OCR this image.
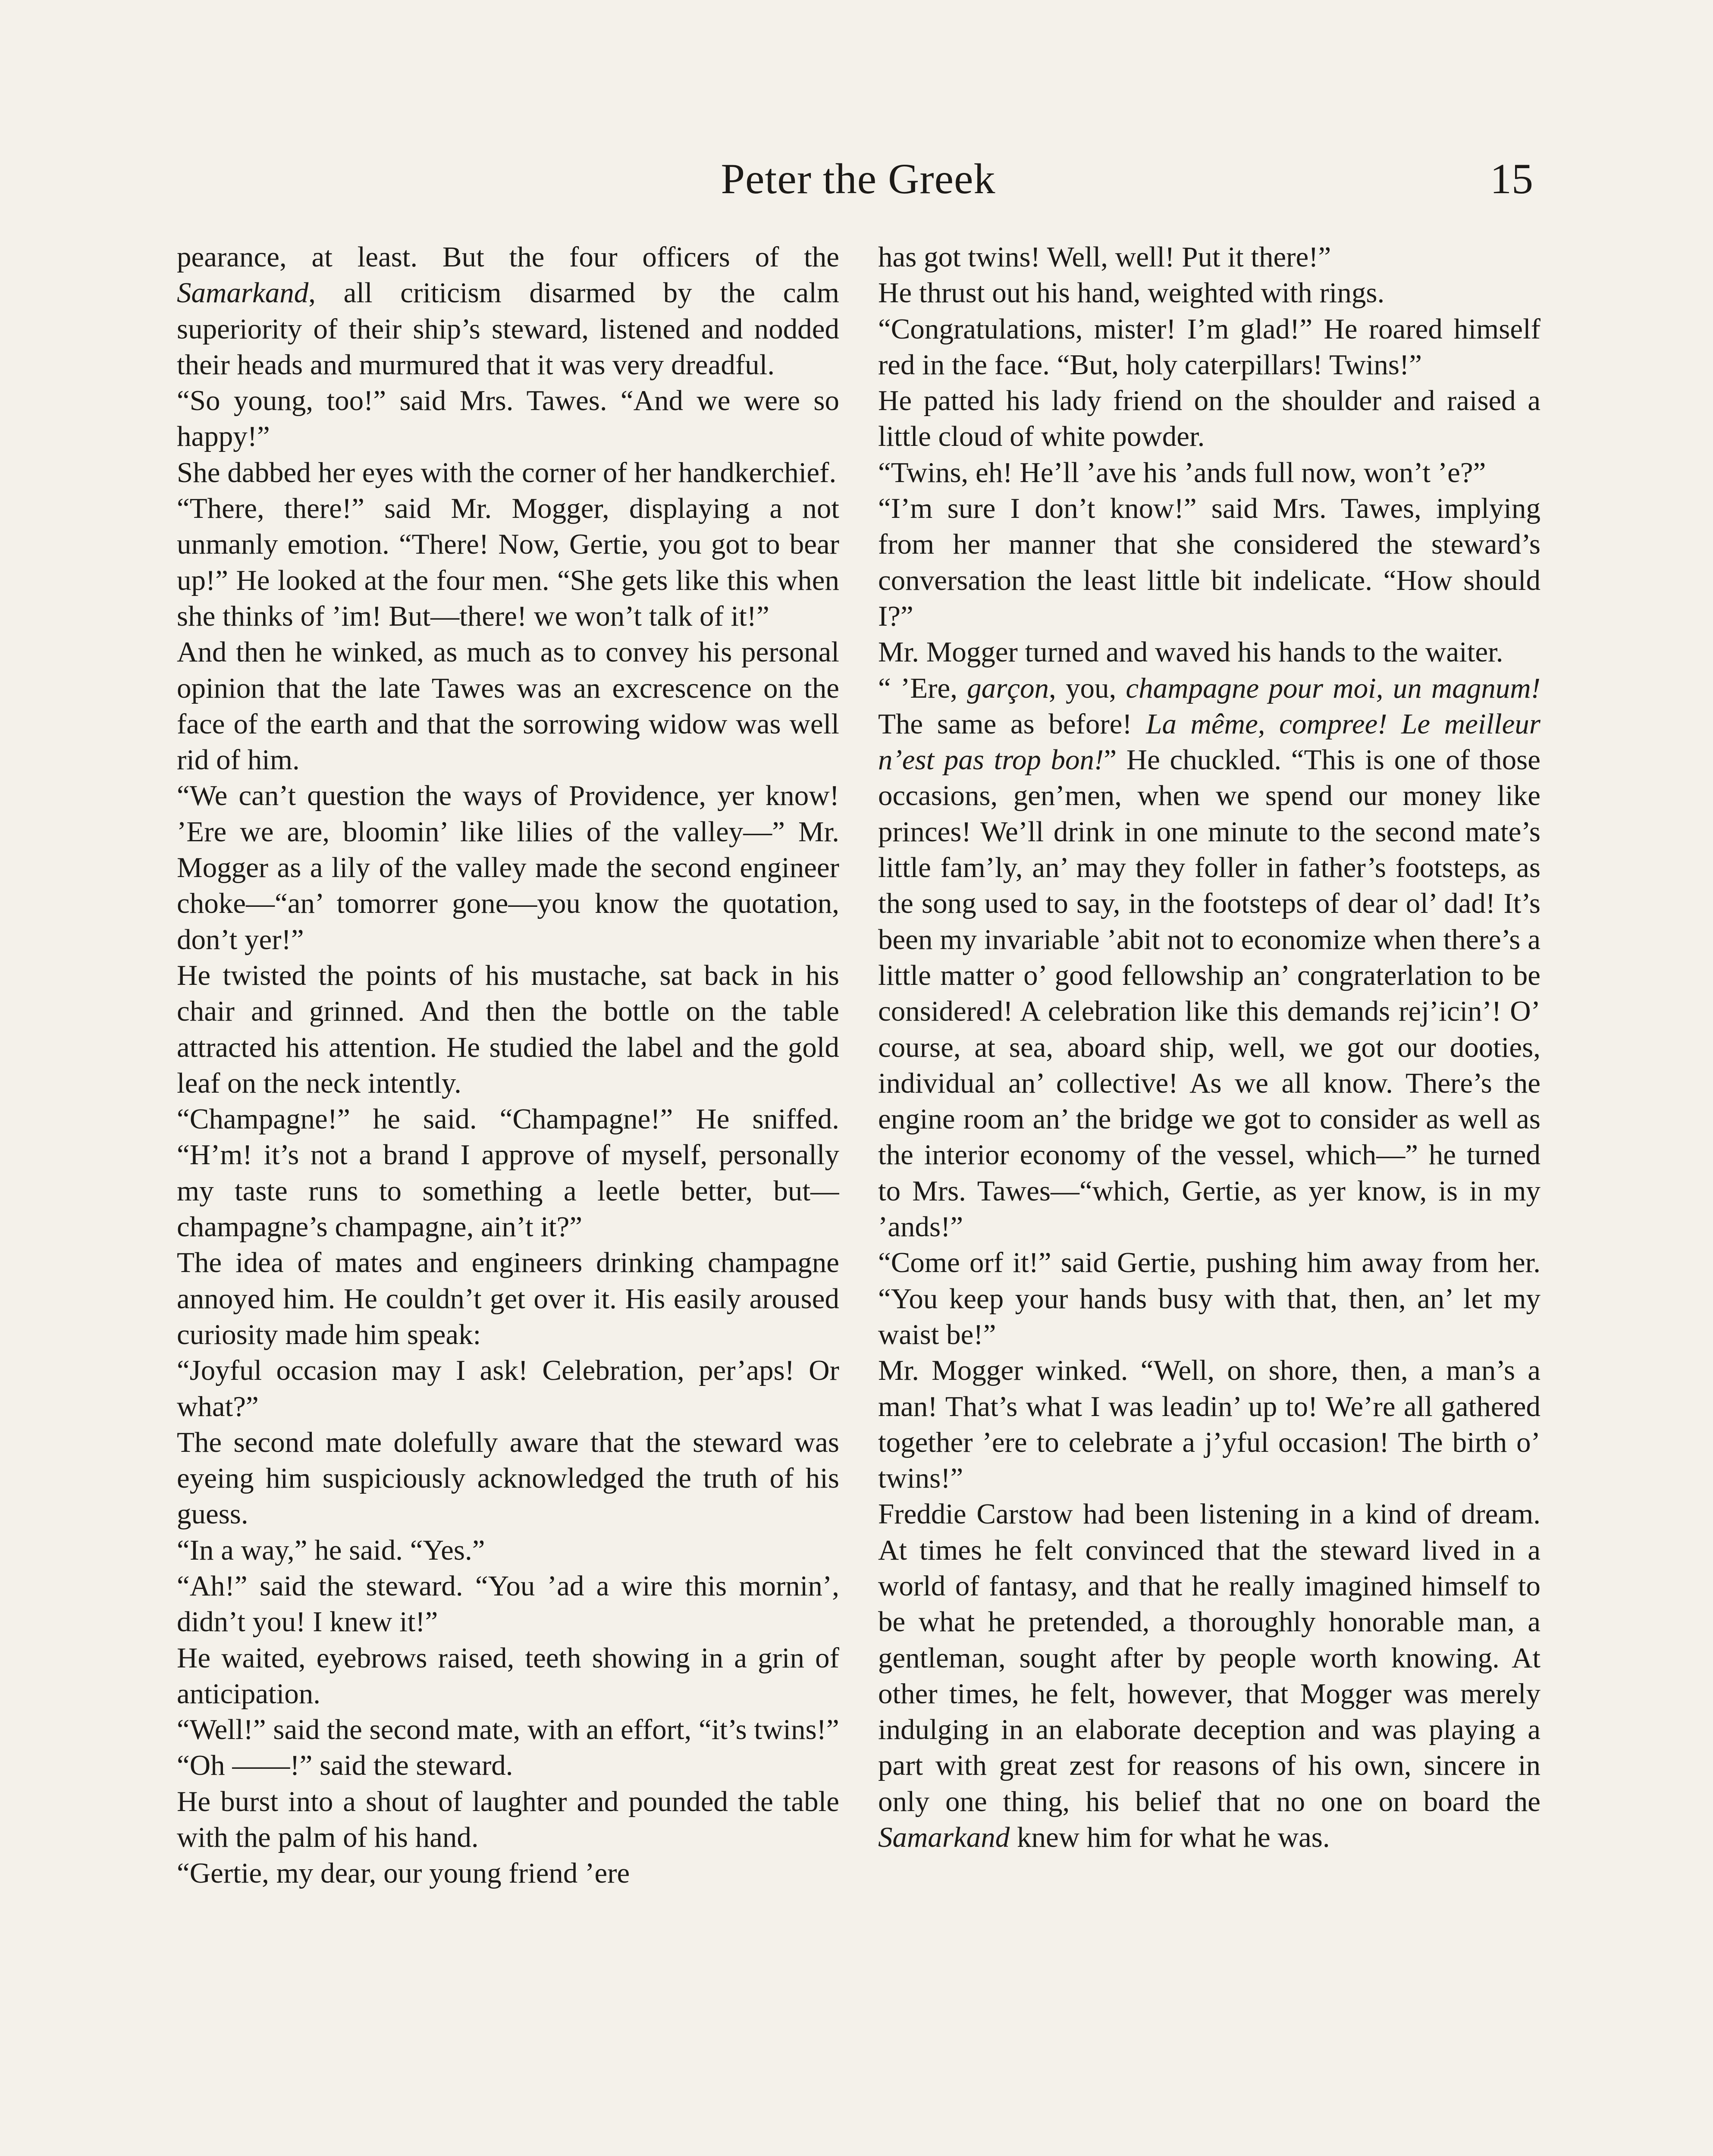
Peter the Greek	15

pearance, at least. But the four officers of the Samarkand, all criticism disarmed by the calm superiority of their ship’s steward, listened and nodded their heads and murmured that it was very dreadful.

“So young, too!” said Mrs. Tawes. “And we were so happy!”

She dabbed her eyes with the corner of her handkerchief.

“There, there!” said Mr. Mogger, displaying a not unmanly emotion. “There! Now, Gertie, you got to bear up!” He looked at the four men. “She gets like this when she thinks of ’im! But—there! we won’t talk of it!”

And then he winked, as much as to convey his personal opinion that the late Tawes was an excrescence on the face of the earth and that the sorrowing widow was well rid of him.

“We can’t question the ways of Providence, yer know! ’Ere we are, bloomin’ like lilies of the valley—” Mr. Mogger as a lily of the valley made the second engineer choke—“an’ tomorrer gone—you know the quotation, don’t yer!”

He twisted the points of his mustache, sat back in his chair and grinned. And then the bottle on the table attracted his attention. He studied the label and the gold leaf on the neck intently.

“Champagne!” he said. “Champagne!” He sniffed. “H’m! it’s not a brand I approve of myself, personally my taste runs to something a leetle better, but—champagne’s champagne, ain’t it?”

The idea of mates and engineers drinking champagne annoyed him. He couldn’t get over it. His easily aroused curiosity made him speak:

“Joyful occasion may I ask! Celebration, per’aps! Or what?”

The second mate dolefully aware that the steward was eyeing him suspiciously acknowledged the truth of his guess.

“In a way,” he said. “Yes.”

“Ah!” said the steward. “You ’ad a wire this mornin’, didn’t you! I knew it!”

He waited, eyebrows raised, teeth showing in a grin of anticipation.

“Well!” said the second mate, with an effort, “it’s twins!”

“Oh ——!” said the steward.

He burst into a shout of laughter and pounded the table with the palm of his hand.

“Gertie, my dear, our young friend ’ere

has got twins! Well, well! Put it there!”

He thrust out his hand, weighted with rings.

“Congratulations, mister! I’m glad!” He roared himself red in the face. “But, holy caterpillars! Twins!”

He patted his lady friend on the shoulder and raised a little cloud of white powder.

“Twins, eh! He’ll ’ave his ’ands full now, won’t ’e?”

“I’m sure I don’t know!” said Mrs. Tawes, implying from her manner that she considered the steward’s conversation the least little bit indelicate. “How should I?”

Mr. Mogger turned and waved his hands to the waiter.

“ ’Ere, garçon, you, champagne pour moi, un magnum! The same as before! La même, compree! Le meilleur n’est pas trop bon!” He chuckled. “This is one of those occasions, gen’men, when we spend our money like princes! We’ll drink in one minute to the second mate’s little fam’ly, an’ may they foller in father’s footsteps, as the song used to say, in the footsteps of dear ol’ dad! It’s been my invariable ’abit not to economize when there’s a little matter o’ good fellowship an’ congraterlation to be considered! A celebration like this demands rej’icin’! O’ course, at sea, aboard ship, well, we got our dooties, individual an’ collective! As we all know. There’s the engine room an’ the bridge we got to consider as well as the interior economy of the vessel, which—” he turned to Mrs. Tawes—“which, Gertie, as yer know, is in my ’ands!”

“Come orf it!” said Gertie, pushing him away from her. “You keep your hands busy with that, then, an’ let my waist be!”

Mr. Mogger winked. “Well, on shore, then, a man’s a man! That’s what I was leadin’ up to! We’re all gathered together ’ere to celebrate a j’yful occasion! The birth o’ twins!”

Freddie Carstow had been listening in a kind of dream. At times he felt convinced that the steward lived in a world of fantasy, and that he really imagined himself to be what he pretended, a thoroughly honorable man, a gentleman, sought after by people worth knowing. At other times, he felt, however, that Mogger was merely indulging in an elaborate deception and was playing a part with great zest for reasons of his own, sincere in only one thing, his belief that no one on board the Samarkand knew him for what he was.
